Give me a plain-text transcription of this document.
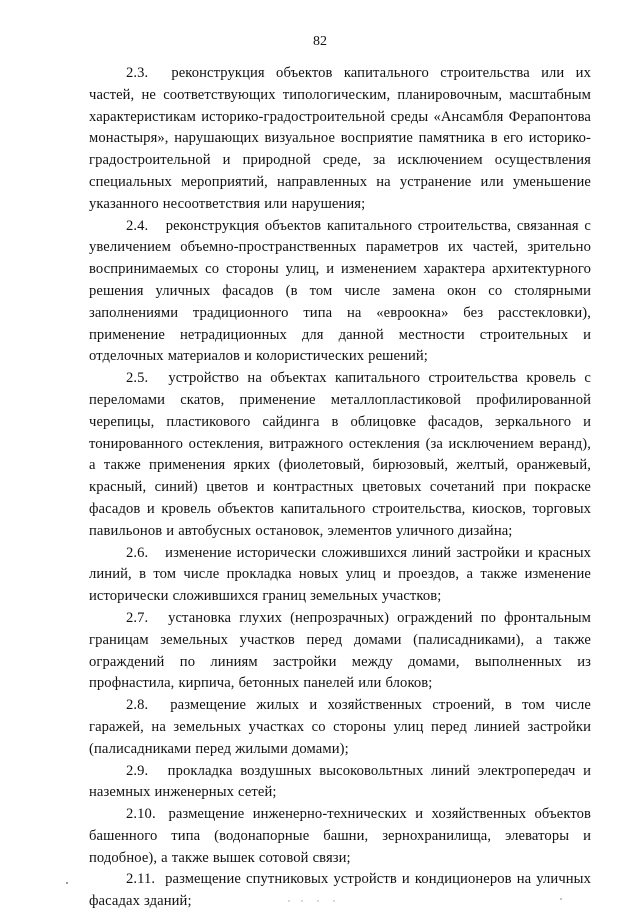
82

2.3. реконструкция объектов капитального строительства или их частей, не соответствующих типологическим, планировочным, масштабным характеристикам историко-градостроительной среды «Ансамбля Ферапонтова монастыря», нарушающих визуальное восприятие памятника в его историко-градостроительной и природной среде, за исключением осуществления специальных мероприятий, направленных на устранение или уменьшение указанного несоответствия или нарушения;

2.4. реконструкция объектов капитального строительства, связанная с увеличением объемно-пространственных параметров их частей, зрительно воспринимаемых со стороны улиц, и изменением характера архитектурного решения уличных фасадов (в том числе замена окон со столярными заполнениями традиционного типа на «евроокна» без расстекловки), применение нетрадиционных для данной местности строительных и отделочных материалов и колористических решений;

2.5. устройство на объектах капитального строительства кровель с переломами скатов, применение металлопластиковой профилированной черепицы, пластикового сайдинга в облицовке фасадов, зеркального и тонированного остекления, витражного остекления (за исключением веранд), а также применения ярких (фиолетовый, бирюзовый, желтый, оранжевый, красный, синий) цветов и контрастных цветовых сочетаний при покраске фасадов и кровель объектов капитального строительства, киосков, торговых павильонов и автобусных остановок, элементов уличного дизайна;

2.6. изменение исторически сложившихся линий застройки и красных линий, в том числе прокладка новых улиц и проездов, а также изменение исторически сложившихся границ земельных участков;

2.7. установка глухих (непрозрачных) ограждений по фронтальным границам земельных участков перед домами (палисадниками), а также ограждений по линиям застройки между домами, выполненных из профнастила, кирпича, бетонных панелей или блоков;

2.8. размещение жилых и хозяйственных строений, в том числе гаражей, на земельных участках со стороны улиц перед линией застройки (палисадниками перед жилыми домами);

2.9. прокладка воздушных высоковольтных линий электропередач и наземных инженерных сетей;

2.10. размещение инженерно-технических и хозяйственных объектов башенного типа (водонапорные башни, зернохранилища, элеваторы и подобное), а также вышек сотовой связи;

2.11. размещение спутниковых устройств и кондиционеров на уличных фасадах зданий;
